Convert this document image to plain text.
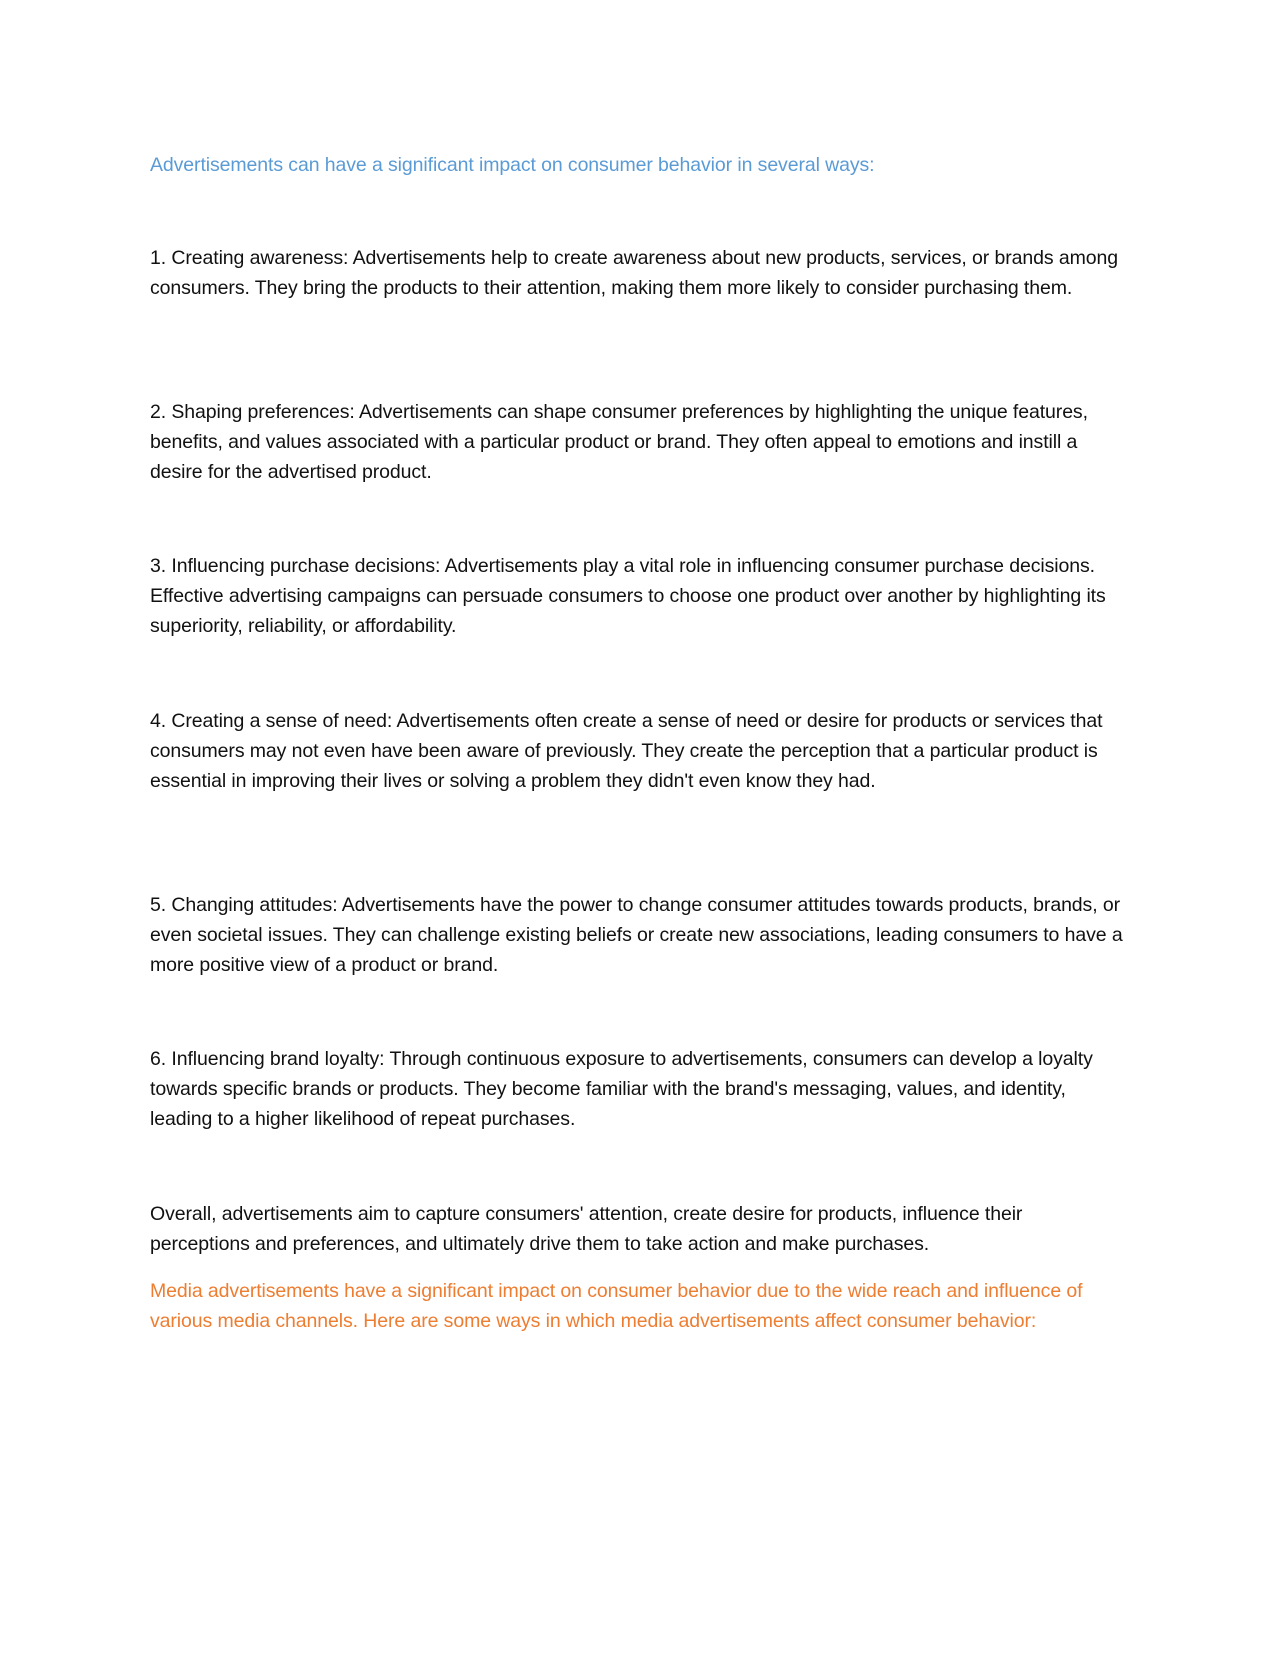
Advertisements can have a significant impact on consumer behavior in several ways:

1. Creating awareness: Advertisements help to create awareness about new products, services, or brands among consumers. They bring the products to their attention, making them more likely to consider purchasing them.

2. Shaping preferences: Advertisements can shape consumer preferences by highlighting the unique features, benefits, and values associated with a particular product or brand. They often appeal to emotions and instill a desire for the advertised product.

3. Influencing purchase decisions: Advertisements play a vital role in influencing consumer purchase decisions. Effective advertising campaigns can persuade consumers to choose one product over another by highlighting its superiority, reliability, or affordability.

4. Creating a sense of need: Advertisements often create a sense of need or desire for products or services that consumers may not even have been aware of previously. They create the perception that a particular product is essential in improving their lives or solving a problem they didn't even know they had.

5. Changing attitudes: Advertisements have the power to change consumer attitudes towards products, brands, or even societal issues. They can challenge existing beliefs or create new associations, leading consumers to have a more positive view of a product or brand.

6. Influencing brand loyalty: Through continuous exposure to advertisements, consumers can develop a loyalty towards specific brands or products. They become familiar with the brand's messaging, values, and identity, leading to a higher likelihood of repeat purchases.

Overall, advertisements aim to capture consumers' attention, create desire for products, influence their perceptions and preferences, and ultimately drive them to take action and make purchases.

Media advertisements have a significant impact on consumer behavior due to the wide reach and influence of various media channels. Here are some ways in which media advertisements affect consumer behavior:
